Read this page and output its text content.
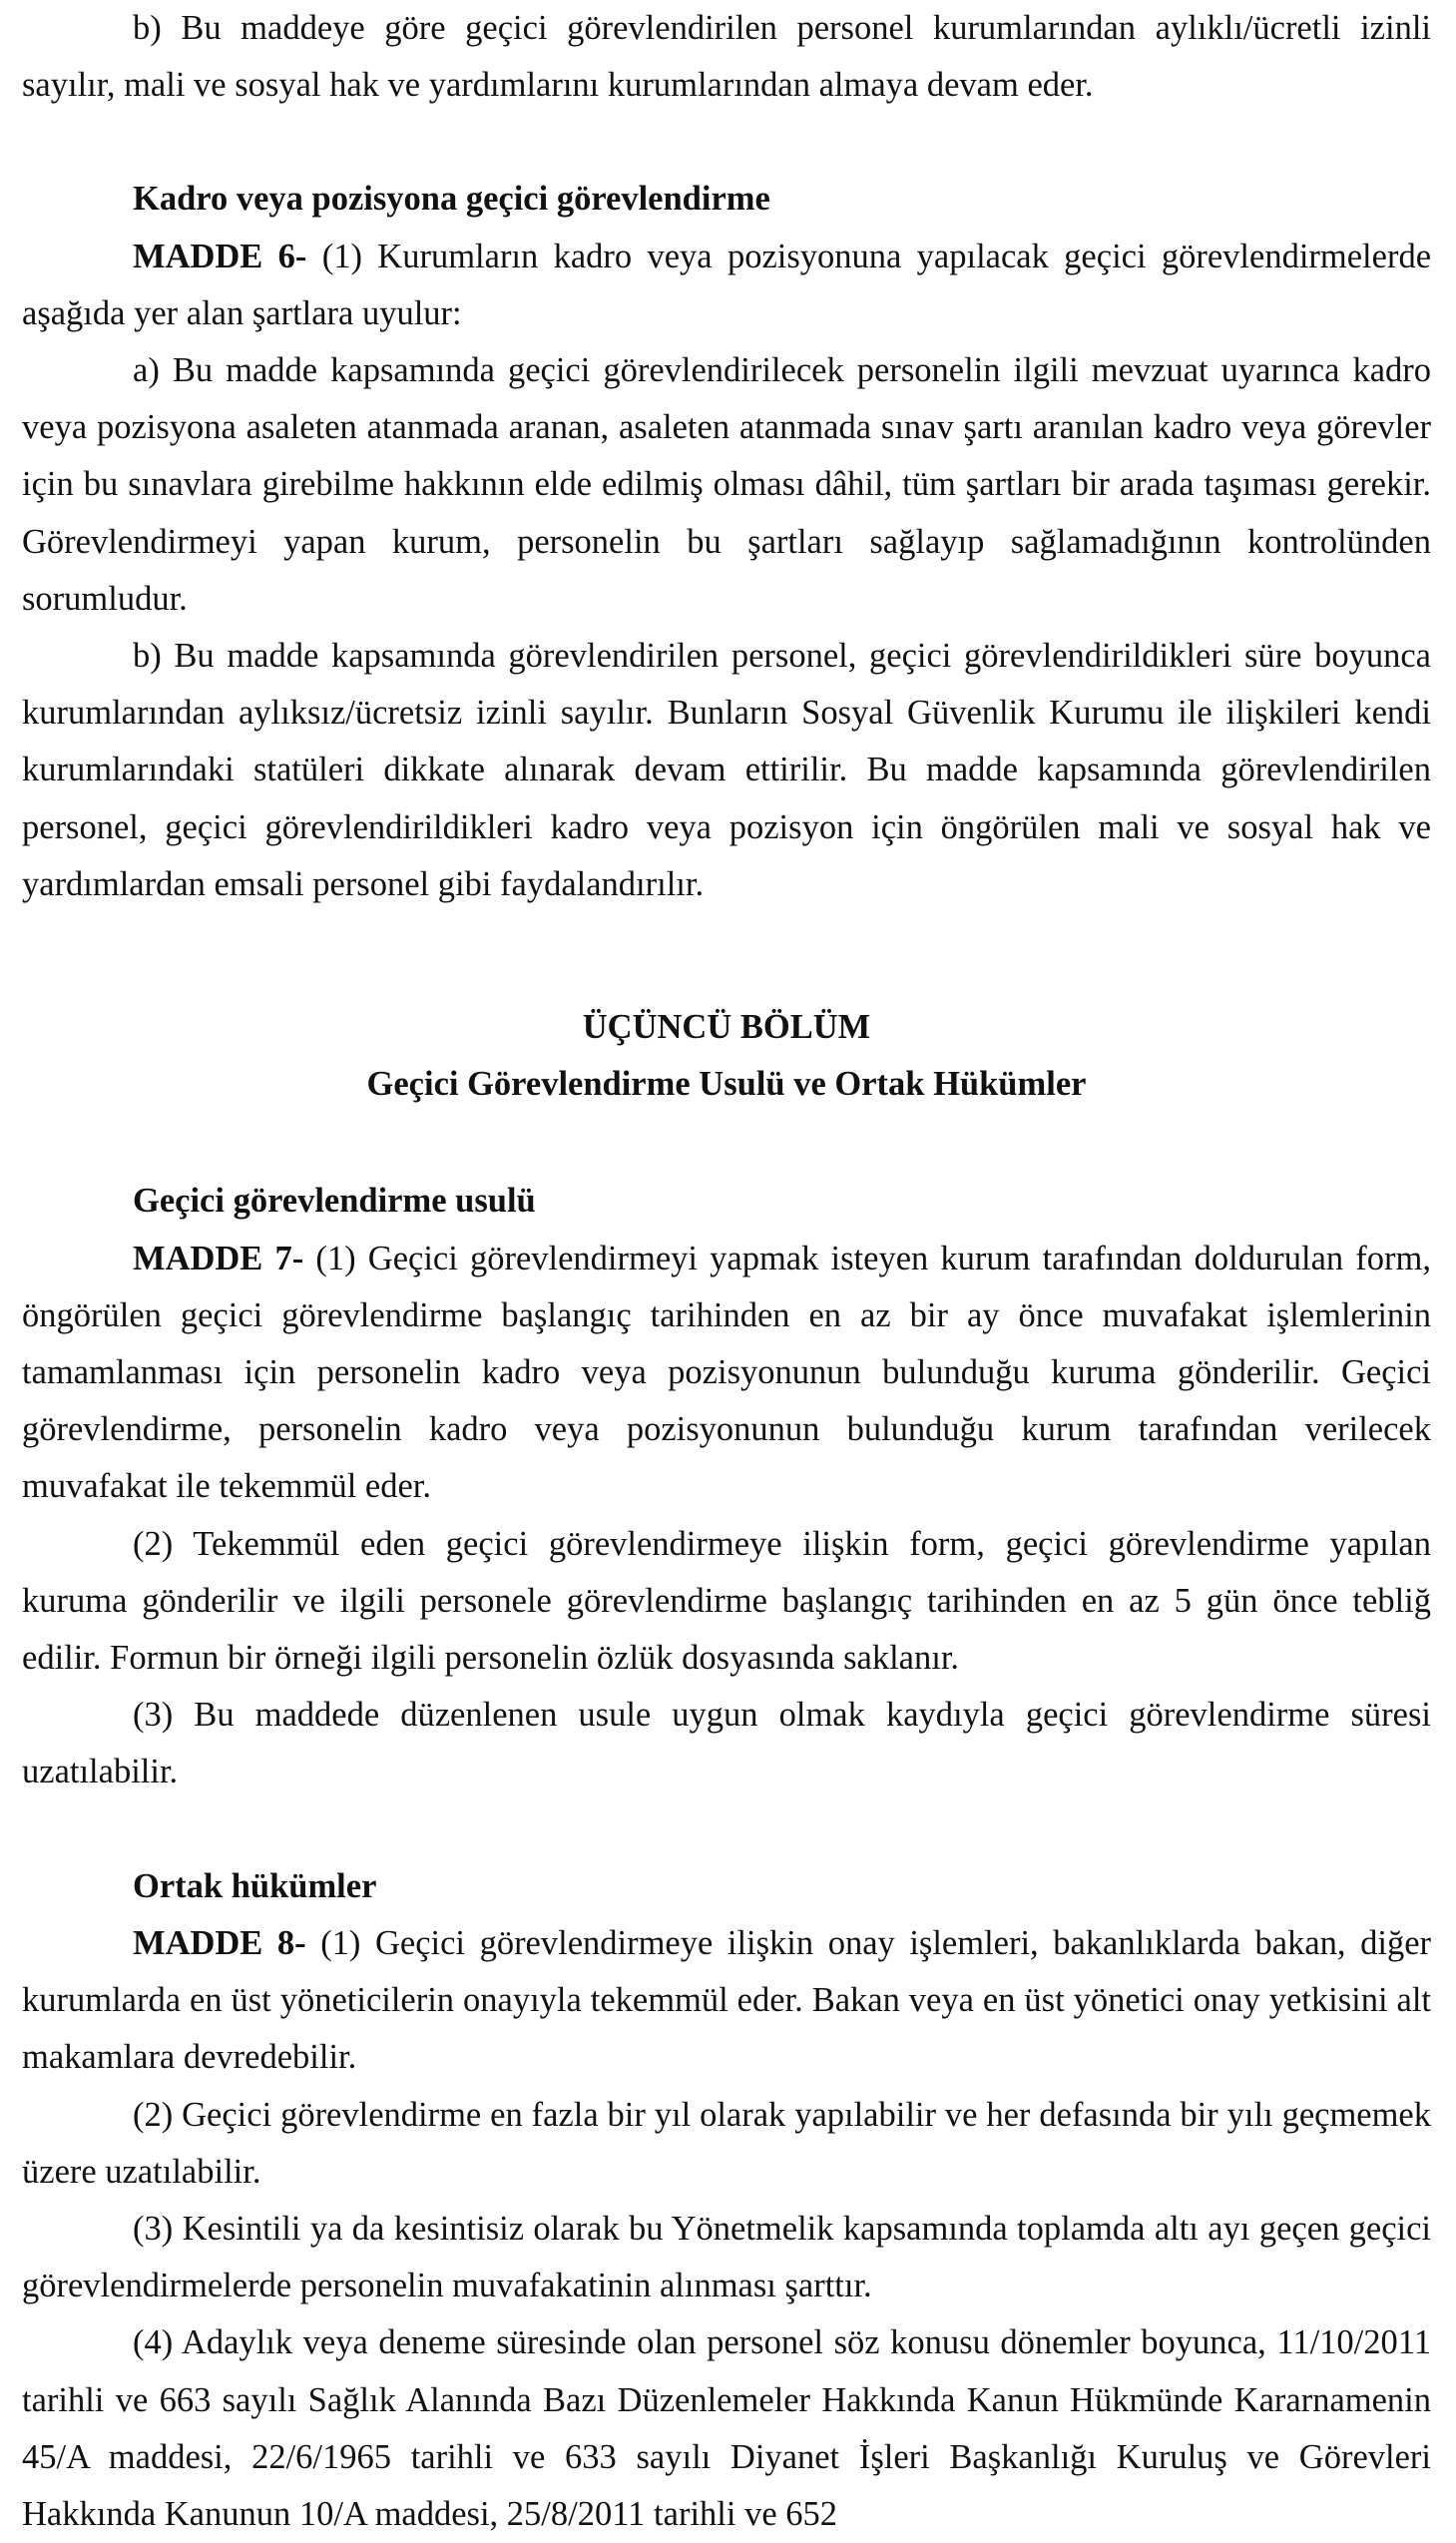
b) Bu maddeye göre geçici görevlendirilen personel kurumlarından aylıklı/ücretli izinli sayılır, mali ve sosyal hak ve yardımlarını kurumlarından almaya devam eder.

Kadro veya pozisyona geçici görevlendirme

MADDE 6- (1) Kurumların kadro veya pozisyonuna yapılacak geçici görevlendirmelerde aşağıda yer alan şartlara uyulur:

a) Bu madde kapsamında geçici görevlendirilecek personelin ilgili mevzuat uyarınca kadro veya pozisyona asaleten atanmada aranan, asaleten atanmada sınav şartı aranılan kadro veya görevler için bu sınavlara girebilme hakkının elde edilmiş olması dâhil, tüm şartları bir arada taşıması gerekir. Görevlendirmeyi yapan kurum, personelin bu şartları sağlayıp sağlamadığının kontrolünden sorumludur.

b) Bu madde kapsamında görevlendirilen personel, geçici görevlendirildikleri süre boyunca kurumlarından aylıksız/ücretsiz izinli sayılır. Bunların Sosyal Güvenlik Kurumu ile ilişkileri kendi kurumlarındaki statüleri dikkate alınarak devam ettirilir. Bu madde kapsamında görevlendirilen personel, geçici görevlendirildikleri kadro veya pozisyon için öngörülen mali ve sosyal hak ve yardımlardan emsali personel gibi faydalandırılır.

ÜÇÜNCÜ BÖLÜM

Geçici Görevlendirme Usulü ve Ortak Hükümler

Geçici görevlendirme usulü

MADDE 7- (1) Geçici görevlendirmeyi yapmak isteyen kurum tarafından doldurulan form, öngörülen geçici görevlendirme başlangıç tarihinden en az bir ay önce muvafakat işlemlerinin tamamlanması için personelin kadro veya pozisyonunun bulunduğu kuruma gönderilir. Geçici görevlendirme, personelin kadro veya pozisyonunun bulunduğu kurum tarafından verilecek muvafakat ile tekemmül eder.

(2) Tekemmül eden geçici görevlendirmeye ilişkin form, geçici görevlendirme yapılan kuruma gönderilir ve ilgili personele görevlendirme başlangıç tarihinden en az 5 gün önce tebliğ edilir. Formun bir örneği ilgili personelin özlük dosyasında saklanır.

(3) Bu maddede düzenlenen usule uygun olmak kaydıyla geçici görevlendirme süresi uzatılabilir.

Ortak hükümler

MADDE 8- (1) Geçici görevlendirmeye ilişkin onay işlemleri, bakanlıklarda bakan, diğer kurumlarda en üst yöneticilerin onayıyla tekemmül eder. Bakan veya en üst yönetici onay yetkisini alt makamlara devredebilir.

(2) Geçici görevlendirme en fazla bir yıl olarak yapılabilir ve her defasında bir yılı geçmemek üzere uzatılabilir.

(3) Kesintili ya da kesintisiz olarak bu Yönetmelik kapsamında toplamda altı ayı geçen geçici görevlendirmelerde personelin muvafakatinin alınması şarttır.

(4) Adaylık veya deneme süresinde olan personel söz konusu dönemler boyunca, 11/10/2011 tarihli ve 663 sayılı Sağlık Alanında Bazı Düzenlemeler Hakkında Kanun Hükmünde Kararnamenin 45/A maddesi, 22/6/1965 tarihli ve 633 sayılı Diyanet İşleri Başkanlığı Kuruluş ve Görevleri Hakkında Kanunun 10/A maddesi, 25/8/2011 tarihli ve 652
